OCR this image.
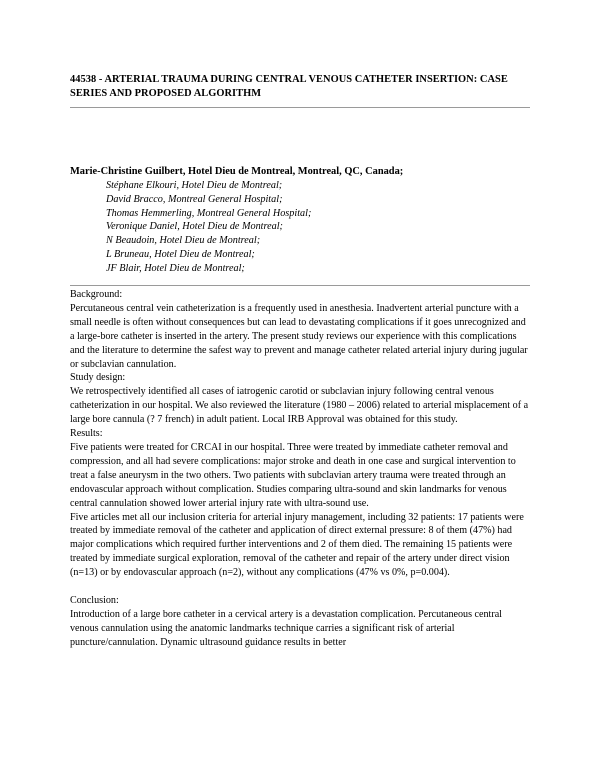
44538 - ARTERIAL TRAUMA DURING CENTRAL VENOUS CATHETER INSERTION: CASE SERIES AND PROPOSED ALGORITHM
Marie-Christine Guilbert, Hotel Dieu de Montreal, Montreal, QC, Canada;
Stéphane Elkouri, Hotel Dieu de Montreal;
David Bracco, Montreal General Hospital;
Thomas Hemmerling, Montreal General Hospital;
Veronique Daniel, Hotel Dieu de Montreal;
N Beaudoin, Hotel Dieu de Montreal;
L Bruneau, Hotel Dieu de Montreal;
JF Blair, Hotel Dieu de Montreal;

Background:

Percutaneous central vein catheterization is a frequently used in anesthesia. Inadvertent arterial puncture with a small needle is often without consequences but can lead to devastating complications if it goes unrecognized and a large-bore catheter is inserted in the artery. The present study reviews our experience with this complications and the literature to determine the safest way to prevent and manage catheter related arterial injury during jugular or subclavian cannulation.

Study design:

We retrospectively identified all cases of iatrogenic carotid or subclavian injury following central venous catheterization in our hospital. We also reviewed the literature (1980 – 2006) related to arterial misplacement of a large bore cannula (? 7 french) in adult patient. Local IRB Approval was obtained for this study.

Results:

Five patients were treated for CRCAI in our hospital. Three were treated by immediate catheter removal and compression, and all had severe complications: major stroke and death in one case and surgical intervention to treat a false aneurysm in the two others. Two patients with subclavian artery trauma were treated through an endovascular approach without complication. Studies comparing ultra-sound and skin landmarks for venous central cannulation showed lower arterial injury rate with ultra-sound use.

Five articles met all our inclusion criteria for arterial injury management, including 32 patients: 17 patients were treated by immediate removal of the catheter and application of direct external pressure: 8 of them (47%) had major complications which required further interventions and 2 of them died. The remaining 15 patients were treated by immediate surgical exploration, removal of the catheter and repair of the artery under direct vision (n=13) or by endovascular approach (n=2), without any complications (47% vs 0%, p=0.004).

Conclusion:

Introduction of a large bore catheter in a cervical artery is a devastation complication. Percutaneous central venous cannulation using the anatomic landmarks technique carries a significant risk of arterial puncture/cannulation. Dynamic ultrasound guidance results in better
